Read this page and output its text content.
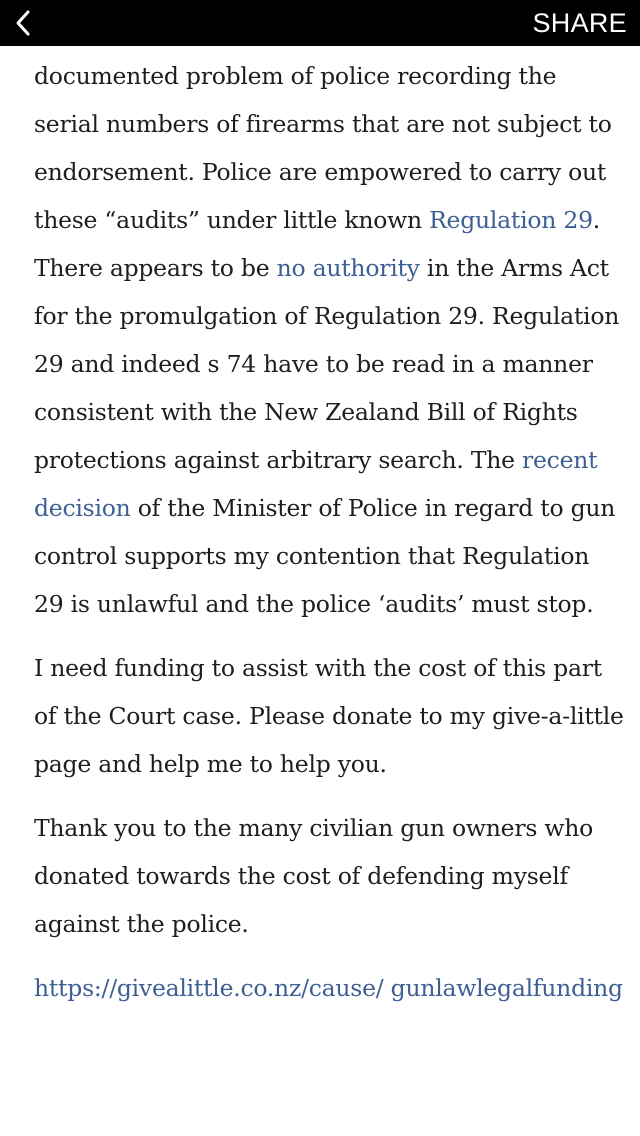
SHARE

documented problem of police recording the serial numbers of firearms that are not subject to endorsement. Police are empowered to carry out these “audits” under little known Regulation 29. There appears to be no authority in the Arms Act for the promulgation of Regulation 29. Regulation 29 and indeed s 74 have to be read in a manner consistent with the New Zealand Bill of Rights protections against arbitrary search. The recent decision of the Minister of Police in regard to gun control supports my contention that Regulation 29 is unlawful and the police ‘audits’ must stop.

I need funding to assist with the cost of this part of the Court case. Please donate to my give-a-little page and help me to help you.

Thank you to the many civilian gun owners who donated towards the cost of defending myself against the police.

https://givealittle.co.nz/cause/ gunlawlegalfunding
